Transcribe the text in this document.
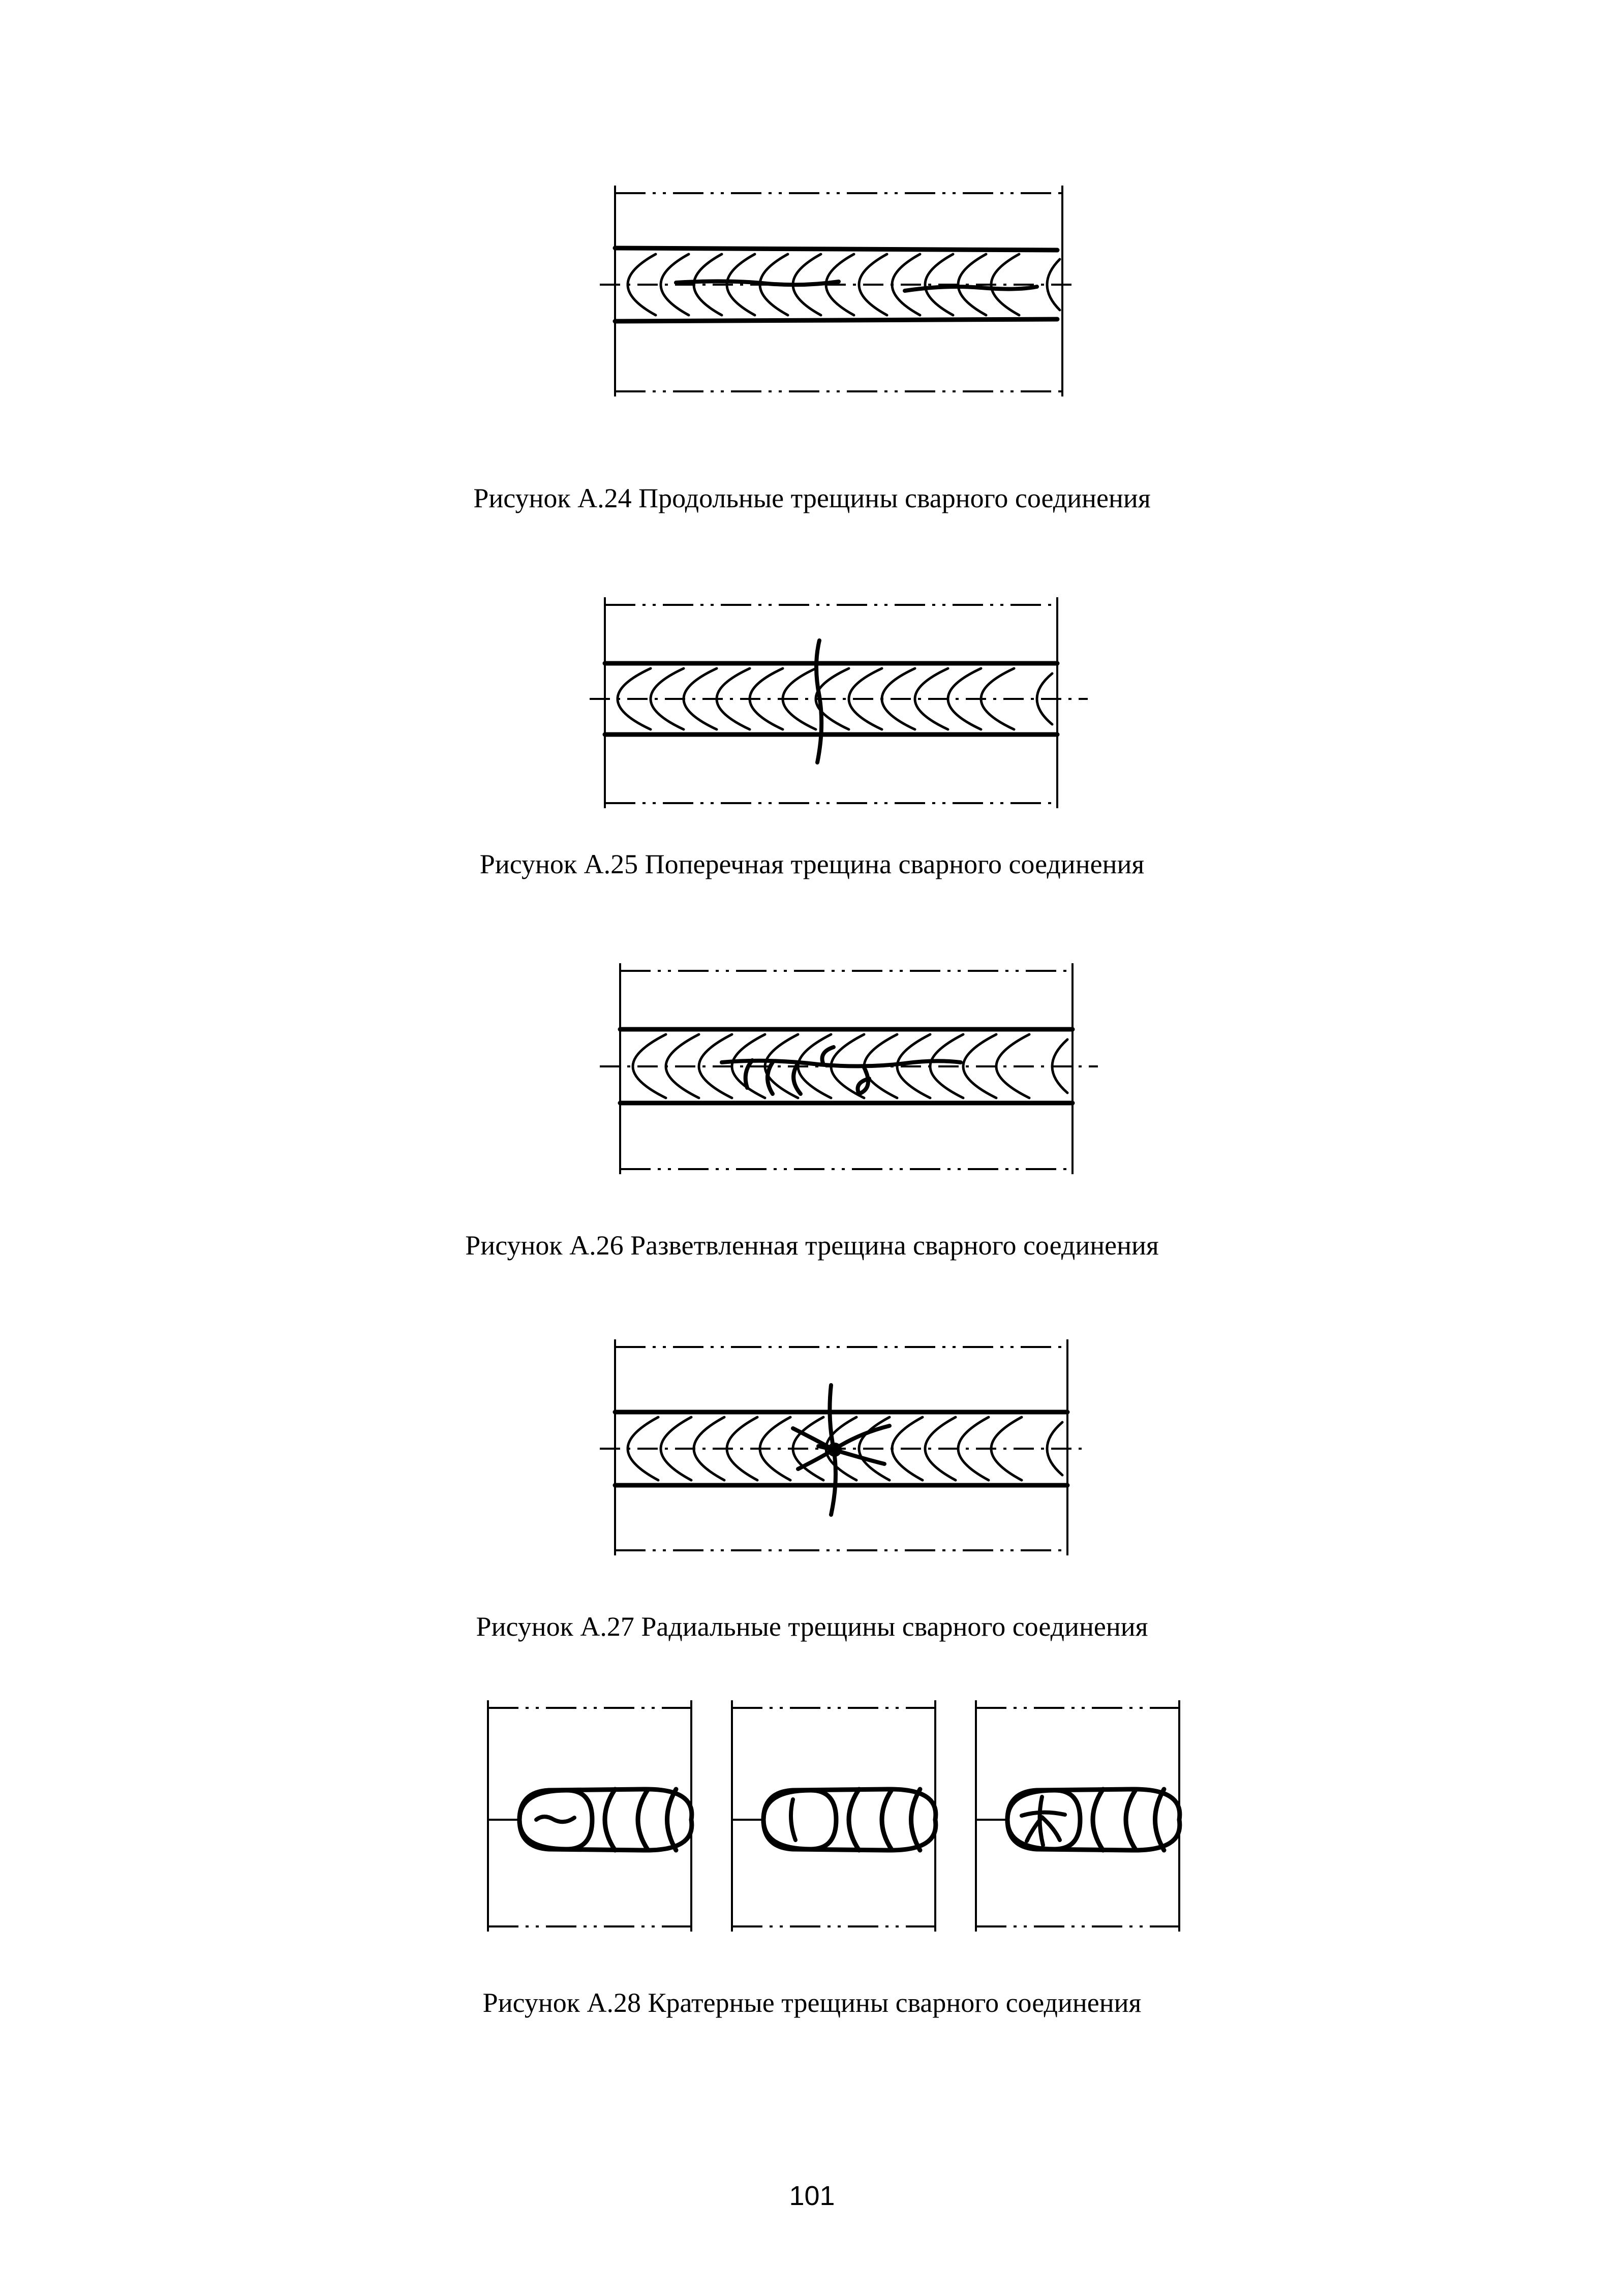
Рисунок А.24 Продольные трещины сварного соединения
Рисунок А.25 Поперечная трещина сварного соединения
Рисунок А.26 Разветвленная трещина сварного соединения
Рисунок А.27 Радиальные трещины сварного соединения
Рисунок А.28 Кратерные трещины сварного соединения
101
